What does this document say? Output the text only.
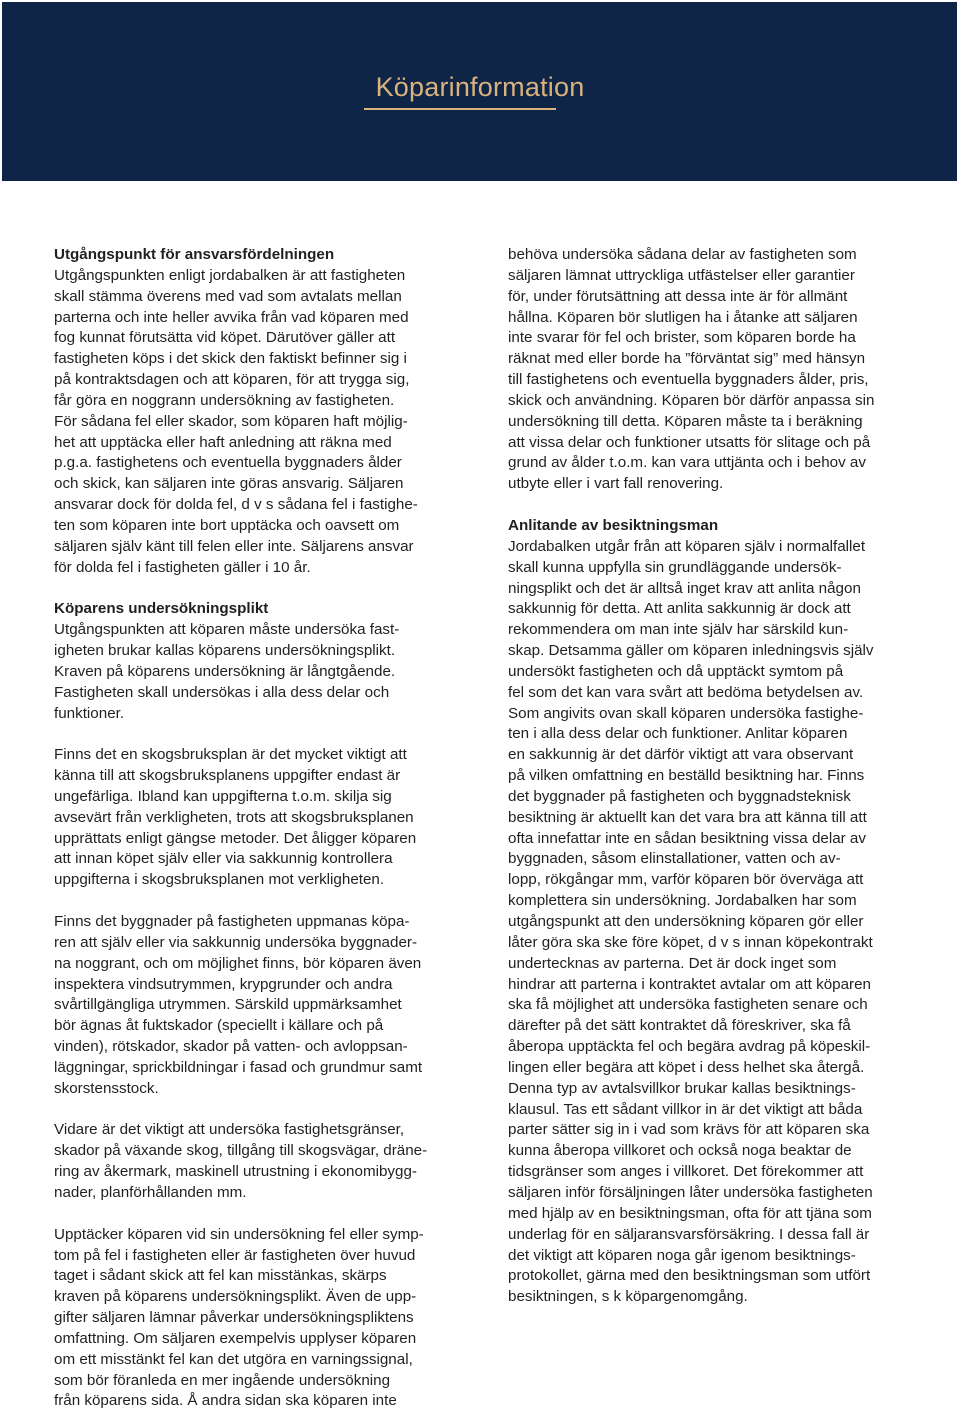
Köparinformation

Utgångspunkt för ansvarsfördelningen

Utgångspunkten enligt jordabalken är att fastigheten
skall stämma överens med vad som avtalats mellan
parterna och inte heller avvika från vad köparen med
fog kunnat förutsätta vid köpet. Därutöver gäller att
fastigheten köps i det skick den faktiskt befinner sig i
på kontraktsdagen och att köparen, för att trygga sig,
får göra en noggrann undersökning av fastigheten.
För sådana fel eller skador, som köparen haft möjlig-
het att upptäcka eller haft anledning att räkna med
p.g.a. fastighetens och eventuella byggnaders ålder
och skick, kan säljaren inte göras ansvarig. Säljaren
ansvarar dock för dolda fel, d v s sådana fel i fastighe-
ten som köparen inte bort upptäcka och oavsett om
säljaren själv känt till felen eller inte. Säljarens ansvar
för dolda fel i fastigheten gäller i 10 år.

Köparens undersökningsplikt

Utgångspunkten att köparen måste undersöka fast-
igheten brukar kallas köparens undersökningsplikt.
Kraven på köparens undersökning är långtgående.
Fastigheten skall undersökas i alla dess delar och
funktioner.

Finns det en skogsbruksplan är det mycket viktigt att
känna till att skogsbruksplanens uppgifter endast är
ungefärliga. Ibland kan uppgifterna t.o.m. skilja sig
avsevärt från verkligheten, trots att skogsbruksplanen
upprättats enligt gängse metoder. Det åligger köparen
att innan köpet själv eller via sakkunnig kontrollera
uppgifterna i skogsbruksplanen mot verkligheten.

Finns det byggnader på fastigheten uppmanas köpa-
ren att själv eller via sakkunnig undersöka byggnader-
na noggrant, och om möjlighet finns, bör köparen även
inspektera vindsutrymmen, krypgrunder och andra
svårtillgängliga utrymmen. Särskild uppmärksamhet
bör ägnas åt fuktskador (speciellt i källare och på
vinden), rötskador, skador på vatten- och avloppsan-
läggningar, sprickbildningar i fasad och grundmur samt
skorstensstock.

Vidare är det viktigt att undersöka fastighetsgränser,
skador på växande skog, tillgång till skogsvägar, dräne-
ring av åkermark, maskinell utrustning i ekonomibygg-
nader, planförhållanden mm.

Upptäcker köparen vid sin undersökning fel eller symp-
tom på fel i fastigheten eller är fastigheten över huvud
taget i sådant skick att fel kan misstänkas, skärps
kraven på köparens undersökningsplikt. Även de upp-
gifter säljaren lämnar påverkar undersökningspliktens
omfattning. Om säljaren exempelvis upplyser köparen
om ett misstänkt fel kan det utgöra en varningssignal,
som bör föranleda en mer ingående undersökning
från köparens sida. Å andra sidan ska köparen inte

behöva undersöka sådana delar av fastigheten som
säljaren lämnat uttryckliga utfästelser eller garantier
för, under förutsättning att dessa inte är för allmänt
hållna. Köparen bör slutligen ha i åtanke att säljaren
inte svarar för fel och brister, som köparen borde ha
räknat med eller borde ha ”förväntat sig” med hänsyn
till fastighetens och eventuella byggnaders ålder, pris,
skick och användning. Köparen bör därför anpassa sin
undersökning till detta. Köparen måste ta i beräkning
att vissa delar och funktioner utsatts för slitage och på
grund av ålder t.o.m. kan vara uttjänta och i behov av
utbyte eller i vart fall renovering.

Anlitande av besiktningsman

Jordabalken utgår från att köparen själv i normalfallet
skall kunna uppfylla sin grundläggande undersök-
ningsplikt och det är alltså inget krav att anlita någon
sakkunnig för detta. Att anlita sakkunnig är dock att
rekommendera om man inte själv har särskild kun-
skap. Detsamma gäller om köparen inledningsvis själv
undersökt fastigheten och då upptäckt symtom på
fel som det kan vara svårt att bedöma betydelsen av.
Som angivits ovan skall köparen undersöka fastighe-
ten i alla dess delar och funktioner. Anlitar köparen
en sakkunnig är det därför viktigt att vara observant
på vilken omfattning en beställd besiktning har. Finns
det byggnader på fastigheten och byggnadsteknisk
besiktning är aktuellt kan det vara bra att känna till att
ofta innefattar inte en sådan besiktning vissa delar av
byggnaden, såsom elinstallationer, vatten och av-
lopp, rökgångar mm, varför köparen bör överväga att
komplettera sin undersökning. Jordabalken har som
utgångspunkt att den undersökning köparen gör eller
låter göra ska ske före köpet, d v s innan köpekontrakt
undertecknas av parterna. Det är dock inget som
hindrar att parterna i kontraktet avtalar om att köparen
ska få möjlighet att undersöka fastigheten senare och
därefter på det sätt kontraktet då föreskriver, ska få
åberopa upptäckta fel och begära avdrag på köpeskil-
lingen eller begära att köpet i dess helhet ska återgå.
Denna typ av avtalsvillkor brukar kallas besiktnings-
klausul. Tas ett sådant villkor in är det viktigt att båda
parter sätter sig in i vad som krävs för att köparen ska
kunna åberopa villkoret och också noga beaktar de
tidsgränser som anges i villkoret. Det förekommer att
säljaren inför försäljningen låter undersöka fastigheten
med hjälp av en besiktningsman, ofta för att tjäna som
underlag för en säljaransvarsförsäkring. I dessa fall är
det viktigt att köparen noga går igenom besiktnings-
protokollet, gärna med den besiktningsman som utfört
besiktningen, s k köpargenomgång.
